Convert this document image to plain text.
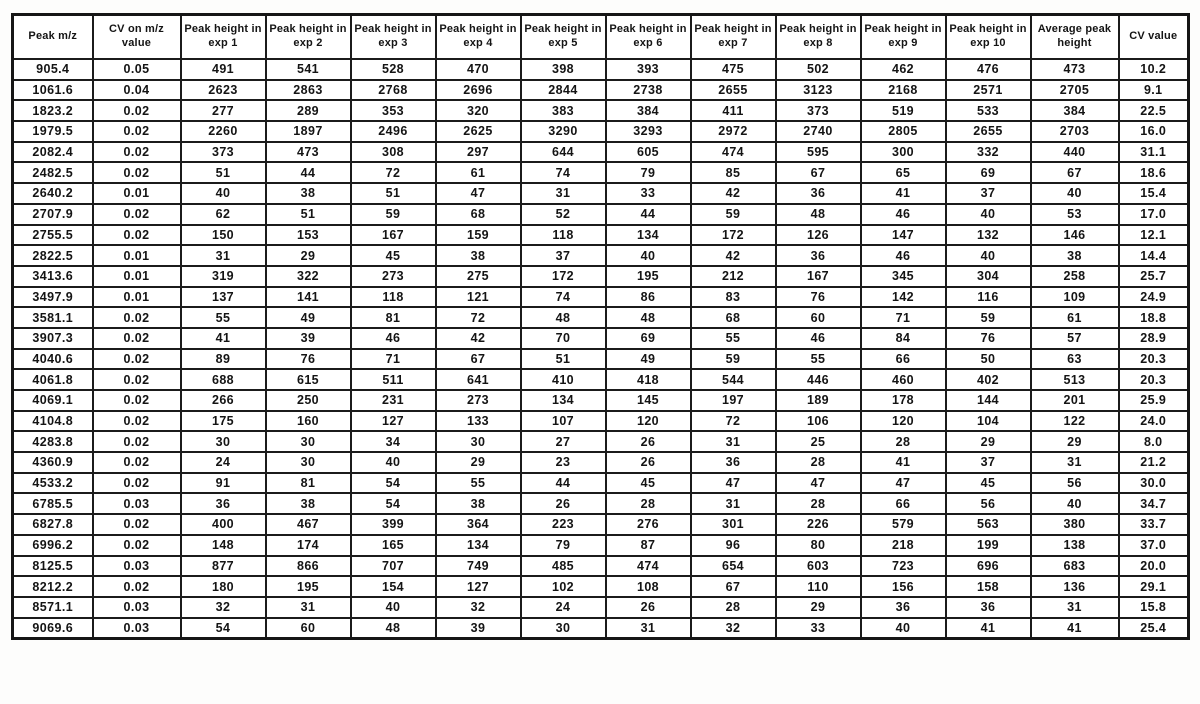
Peak m/z	CV on m/z value	Peak height in exp 1	Peak height in exp 2	Peak height in exp 3	Peak height in exp 4	Peak height in exp 5	Peak height in exp 6	Peak height in exp 7	Peak height in exp 8	Peak height in exp 9	Peak height in exp 10	Average peak height	CV value
905.4	0.05	491	541	528	470	398	393	475	502	462	476	473	10.2
1061.6	0.04	2623	2863	2768	2696	2844	2738	2655	3123	2168	2571	2705	9.1
1823.2	0.02	277	289	353	320	383	384	411	373	519	533	384	22.5
1979.5	0.02	2260	1897	2496	2625	3290	3293	2972	2740	2805	2655	2703	16.0
2082.4	0.02	373	473	308	297	644	605	474	595	300	332	440	31.1
2482.5	0.02	51	44	72	61	74	79	85	67	65	69	67	18.6
2640.2	0.01	40	38	51	47	31	33	42	36	41	37	40	15.4
2707.9	0.02	62	51	59	68	52	44	59	48	46	40	53	17.0
2755.5	0.02	150	153	167	159	118	134	172	126	147	132	146	12.1
2822.5	0.01	31	29	45	38	37	40	42	36	46	40	38	14.4
3413.6	0.01	319	322	273	275	172	195	212	167	345	304	258	25.7
3497.9	0.01	137	141	118	121	74	86	83	76	142	116	109	24.9
3581.1	0.02	55	49	81	72	48	48	68	60	71	59	61	18.8
3907.3	0.02	41	39	46	42	70	69	55	46	84	76	57	28.9
4040.6	0.02	89	76	71	67	51	49	59	55	66	50	63	20.3
4061.8	0.02	688	615	511	641	410	418	544	446	460	402	513	20.3
4069.1	0.02	266	250	231	273	134	145	197	189	178	144	201	25.9
4104.8	0.02	175	160	127	133	107	120	72	106	120	104	122	24.0
4283.8	0.02	30	30	34	30	27	26	31	25	28	29	29	8.0
4360.9	0.02	24	30	40	29	23	26	36	28	41	37	31	21.2
4533.2	0.02	91	81	54	55	44	45	47	47	47	45	56	30.0
6785.5	0.03	36	38	54	38	26	28	31	28	66	56	40	34.7
6827.8	0.02	400	467	399	364	223	276	301	226	579	563	380	33.7
6996.2	0.02	148	174	165	134	79	87	96	80	218	199	138	37.0
8125.5	0.03	877	866	707	749	485	474	654	603	723	696	683	20.0
8212.2	0.02	180	195	154	127	102	108	67	110	156	158	136	29.1
8571.1	0.03	32	31	40	32	24	26	28	29	36	36	31	15.8
9069.6	0.03	54	60	48	39	30	31	32	33	40	41	41	25.4
